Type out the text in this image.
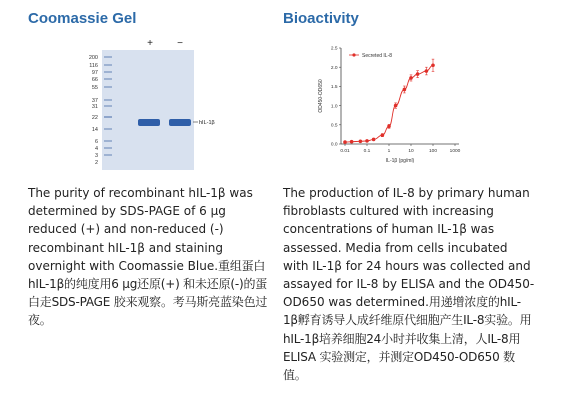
Coomassie Gel
+ −
200
116
97
66
55
37
31
22
14
6
4
3
2
hIL-1β
The purity of recombinant hIL-1β was determined by SDS-PAGE of 6 μg reduced (+) and non-reduced (-) recombinant hIL-1β and staining overnight with Coomassie Blue.重组蛋白hIL-1β的纯度用6 μg还原(+) 和未还原(-)的蛋白走SDS-PAGE 胶来观察。考马斯亮蓝染色过夜。
Bioactivity
0.0
0.5
1.0
1.5
2.0
2.5
0.01	0.1	1	10	100	1000
OD450-OD650
IL-1β (pg/ml)
Secreted IL-8
The production of IL-8 by primary human fibroblasts cultured with increasing concentrations of human IL-1β was assessed. Media from cells incubated with IL-1β for 24 hours was collected and assayed for IL-8 by ELISA and the OD450-OD650 was determined.用递增浓度的hIL-1β孵育诱导人成纤维原代细胞产生IL-8实验。用hIL-1β培养细胞24小时并收集上清，人IL-8用ELISA 实验测定，并测定OD450-OD650 数值。
